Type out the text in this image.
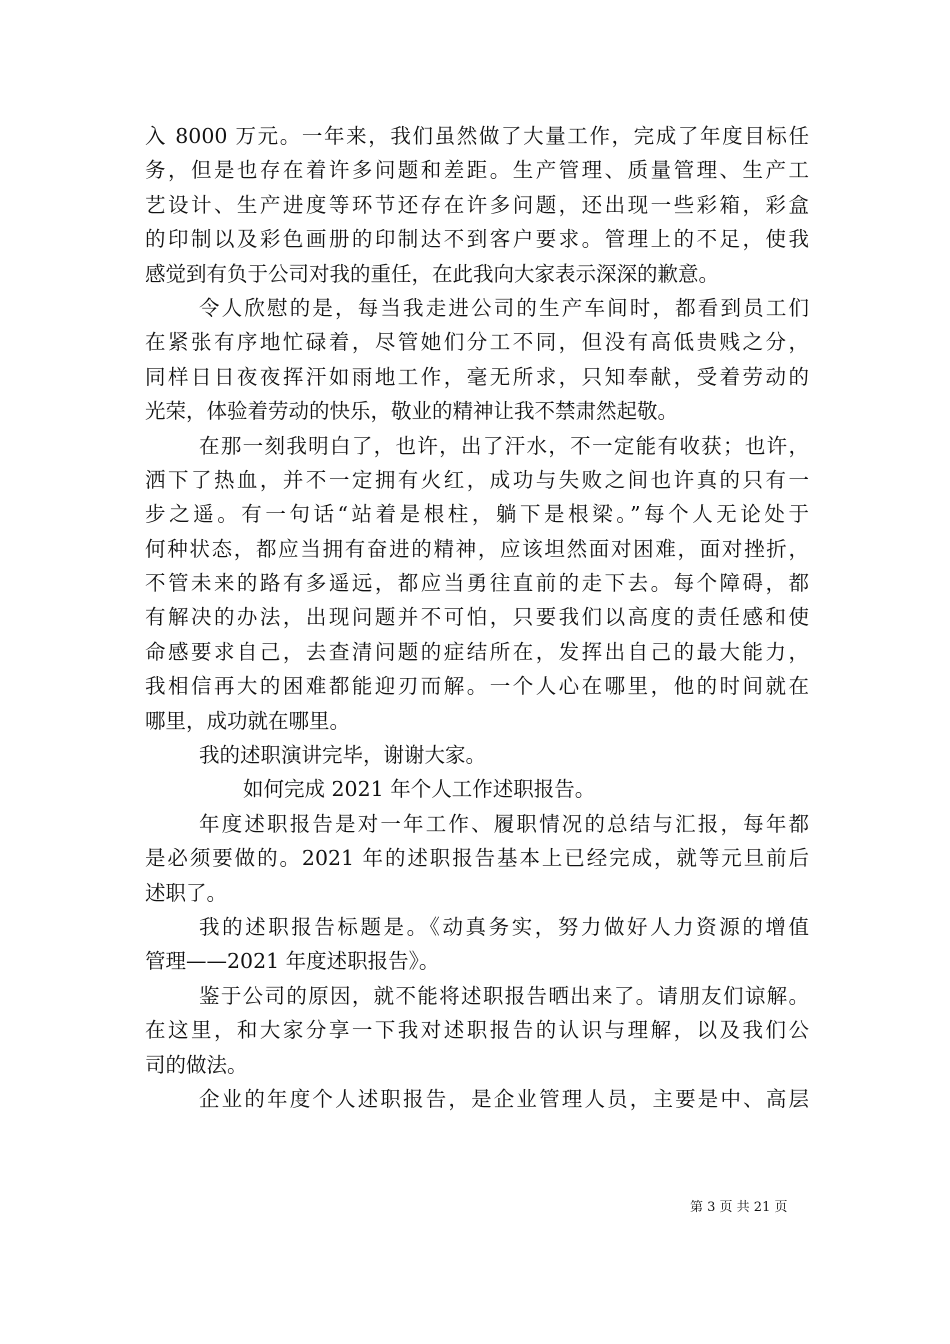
入 8000 万元。一年来，我们虽然做了大量工作，完成了年度目标任
务，但是也存在着许多问题和差距。生产管理、质量管理、生产工
艺设计、生产进度等环节还存在许多问题，还出现一些彩箱，彩盒
的印制以及彩色画册的印制达不到客户要求。管理上的不足，使我
感觉到有负于公司对我的重任，在此我向大家表示深深的歉意。
令人欣慰的是，每当我走进公司的生产车间时，都看到员工们
在紧张有序地忙碌着，尽管她们分工不同，但没有高低贵贱之分，
同样日日夜夜挥汗如雨地工作，毫无所求，只知奉献，受着劳动的
光荣，体验着劳动的快乐，敬业的精神让我不禁肃然起敬。
在那一刻我明白了，也许，出了汗水，不一定能有收获；也许，
洒下了热血，并不一定拥有火红，成功与失败之间也许真的只有一
步之遥。有一句话“站着是根柱，躺下是根梁。”每个人无论处于
何种状态，都应当拥有奋进的精神，应该坦然面对困难，面对挫折，
不管未来的路有多遥远，都应当勇往直前的走下去。每个障碍，都
有解决的办法，出现问题并不可怕，只要我们以高度的责任感和使
命感要求自己，去查清问题的症结所在，发挥出自己的最大能力，
我相信再大的困难都能迎刃而解。一个人心在哪里，他的时间就在
哪里，成功就在哪里。
我的述职演讲完毕，谢谢大家。
如何完成 2021 年个人工作述职报告。
年度述职报告是对一年工作、履职情况的总结与汇报，每年都
是必须要做的。2021 年的述职报告基本上已经完成，就等元旦前后
述职了。
我的述职报告标题是。《动真务实，努力做好人力资源的增值
管理——2021 年度述职报告》。
鉴于公司的原因，就不能将述职报告晒出来了。请朋友们谅解。
在这里，和大家分享一下我对述职报告的认识与理解，以及我们公
司的做法。
企业的年度个人述职报告，是企业管理人员，主要是中、高层
第 3 页 共 21 页
